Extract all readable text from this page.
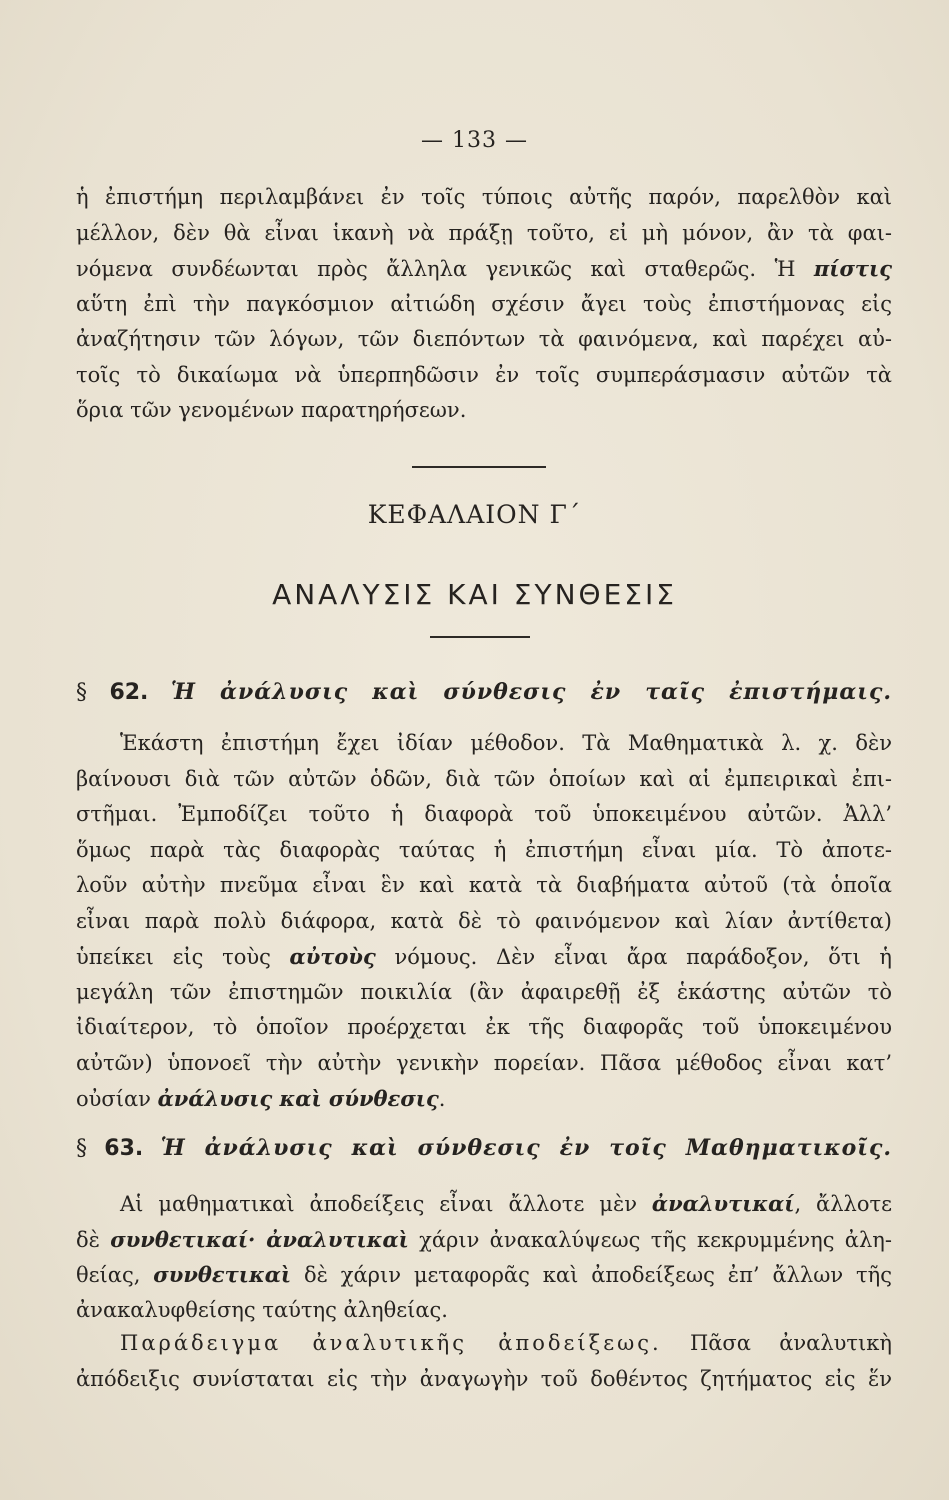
— 133 —
ἡ ἐπιστήμη περιλαμβάνει ἐν τοῖς τύποις αὐτῆς παρόν, παρελθὸν καὶ
μέλλον, δὲν θὰ εἶναι ἱκανὴ νὰ πράξῃ τοῦτο, εἰ μὴ μόνον, ἂν τὰ φαι-
νόμενα συνδέωνται πρὸς ἄλληλα γενικῶς καὶ σταθερῶς. Ἡ πίστις
αὕτη ἐπὶ τὴν παγκόσμιον αἰτιώδη σχέσιν ἄγει τοὺς ἐπιστήμονας εἰς
ἀναζήτησιν τῶν λόγων, τῶν διεπόντων τὰ φαινόμενα, καὶ παρέχει αὐ-
τοῖς τὸ δικαίωμα νὰ ὑπερπηδῶσιν ἐν τοῖς συμπεράσμασιν αὐτῶν τὰ
ὅρια τῶν γενομένων παρατηρήσεων.
ΚΕΦΑΛΑΙΟΝ Γ΄
ΑΝΑΛΥΣΙΣ ΚΑΙ ΣΥΝΘΕΣΙΣ
§ 62. Ἡ ἀνάλυσις καὶ σύνθεσις ἐν ταῖς ἐπιστήμαις.
Ἑκάστη ἐπιστήμη ἔχει ἰδίαν μέθοδον. Τὰ Μαθηματικὰ λ. χ. δὲν
βαίνουσι διὰ τῶν αὐτῶν ὁδῶν, διὰ τῶν ὁποίων καὶ αἱ ἐμπειρικαὶ ἐπι-
στῆμαι. Ἐμποδίζει τοῦτο ἡ διαφορὰ τοῦ ὑποκειμένου αὐτῶν. Ἀλλ’
ὅμως παρὰ τὰς διαφορὰς ταύτας ἡ ἐπιστήμη εἶναι μία. Τὸ ἀποτε-
λοῦν αὐτὴν πνεῦμα εἶναι ἓν καὶ κατὰ τὰ διαβήματα αὐτοῦ (τὰ ὁποῖα
εἶναι παρὰ πολὺ διάφορα, κατὰ δὲ τὸ φαινόμενον καὶ λίαν ἀντίθετα)
ὑπείκει εἰς τοὺς αὐτοὺς νόμους. Δὲν εἶναι ἄρα παράδοξον, ὅτι ἡ
μεγάλη τῶν ἐπιστημῶν ποικιλία (ἂν ἀφαιρεθῇ ἐξ ἑκάστης αὐτῶν τὸ
ἰδιαίτερον, τὸ ὁποῖον προέρχεται ἐκ τῆς διαφορᾶς τοῦ ὑποκειμένου
αὐτῶν) ὑπονοεῖ τὴν αὐτὴν γενικὴν πορείαν. Πᾶσα μέθοδος εἶναι κατ’
οὐσίαν ἀνάλυσις καὶ σύνθεσις.
§ 63. Ἡ ἀνάλυσις καὶ σύνθεσις ἐν τοῖς Μαθηματικοῖς.
Αἱ μαθηματικαὶ ἀποδείξεις εἶναι ἄλλοτε μὲν ἀναλυτικαί, ἄλλοτε
δὲ συνθετικαί· ἀναλυτικαὶ χάριν ἀνακαλύψεως τῆς κεκρυμμένης ἀλη-
θείας, συνθετικαὶ δὲ χάριν μεταφορᾶς καὶ ἀποδείξεως ἐπ’ ἄλλων τῆς
ἀνακαλυφθείσης ταύτης ἀληθείας.
Παράδειγμα ἀναλυτικῆς ἀποδείξεως. Πᾶσα ἀναλυτικὴ
ἀπόδειξις συνίσταται εἰς τὴν ἀναγωγὴν τοῦ δοθέντος ζητήματος εἰς ἕν
